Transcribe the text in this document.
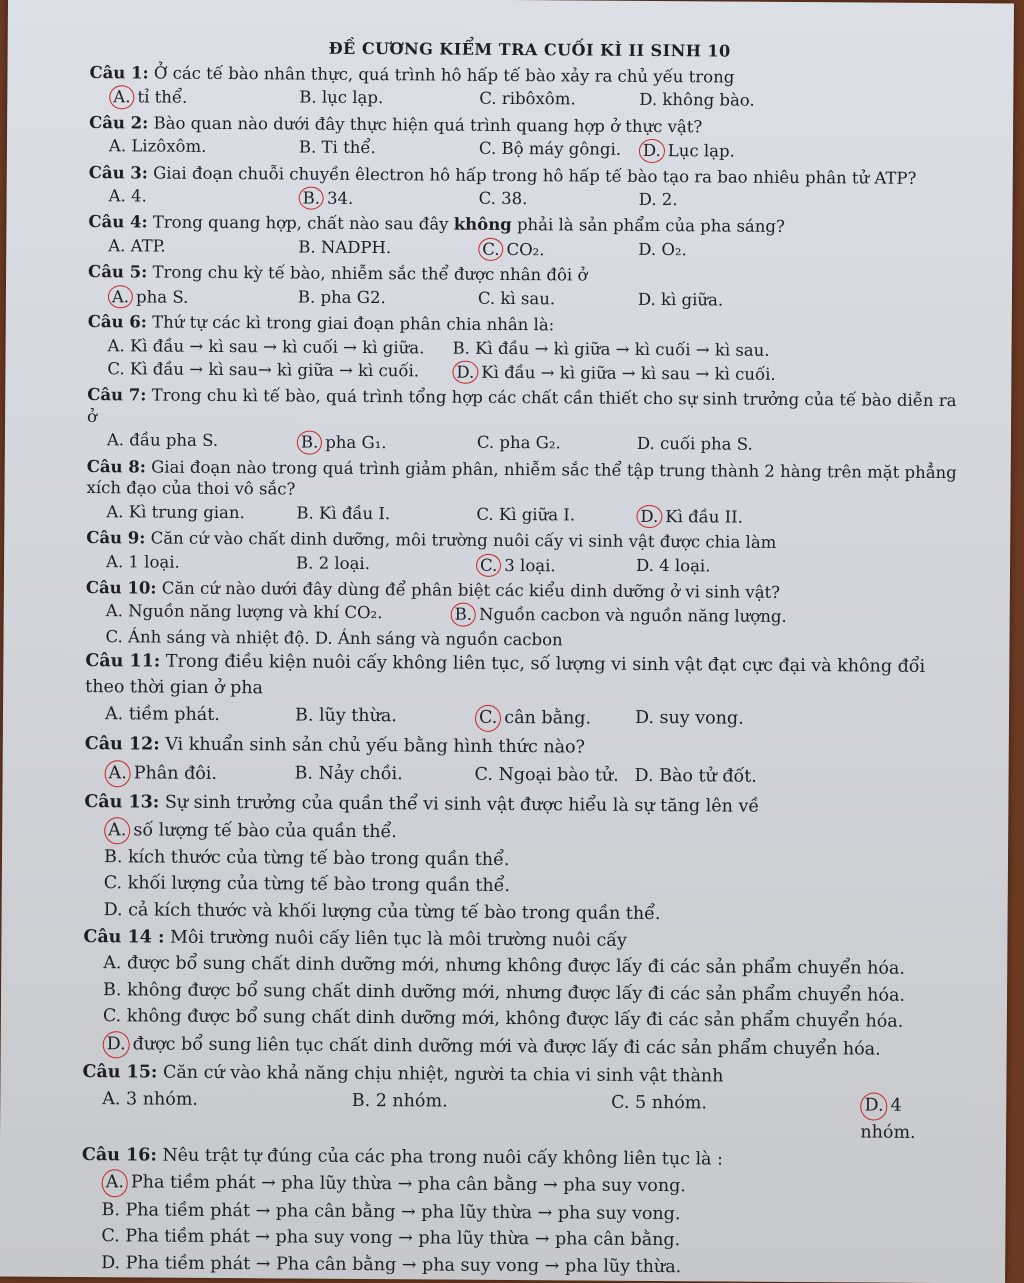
ĐỀ CƯƠNG KIỂM TRA CUỐI KÌ II SINH 10
Câu 1: Ở các tế bào nhân thực, quá trình hô hấp tế bào xảy ra chủ yếu trong
A. tỉ thể.	B. lục lạp.	C. ribôxôm.	D. không bào.
Câu 2: Bào quan nào dưới đây thực hiện quá trình quang hợp ở thực vật?
A. Lizôxôm.	B. Ti thể.	C. Bộ máy gôngi.	D. Lục lạp.
Câu 3: Giai đoạn chuỗi chuyền êlectron hô hấp trong hô hấp tế bào tạo ra bao nhiêu phân tử ATP?
A. 4.	B. 34.	C. 38.	D. 2.
Câu 4: Trong quang hợp, chất nào sau đây không phải là sản phẩm của pha sáng?
A. ATP.	B. NADPH.	C. CO₂.	D. O₂.
Câu 5: Trong chu kỳ tế bào, nhiễm sắc thể được nhân đôi ở
A. pha S.	B. pha G2.	C. kì sau.	D. kì giữa.
Câu 6: Thứ tự các kì trong giai đoạn phân chia nhân là:
A. Kì đầu → kì sau → kì cuối → kì giữa.	B. Kì đầu → kì giữa → kì cuối → kì sau.
C. Kì đầu → kì sau→ kì giữa → kì cuối.	D. Kì đầu → kì giữa → kì sau → kì cuối.
Câu 7: Trong chu kì tế bào, quá trình tổng hợp các chất cần thiết cho sự sinh trưởng của tế bào diễn ra ở
A. đầu pha S.	B. pha G₁.	C. pha G₂.	D. cuối pha S.
Câu 8: Giai đoạn nào trong quá trình giảm phân, nhiễm sắc thể tập trung thành 2 hàng trên mặt phẳng xích đạo của thoi vô sắc?
A. Kì trung gian.	B. Kì đầu I.	C. Kì giữa I.	D. Kì đầu II.
Câu 9: Căn cứ vào chất dinh dưỡng, môi trường nuôi cấy vi sinh vật được chia làm
A. 1 loại.	B. 2 loại.	C. 3 loại.	D. 4 loại.
Câu 10: Căn cứ nào dưới đây dùng để phân biệt các kiểu dinh dưỡng ở vi sinh vật?
A. Nguồn năng lượng và khí CO₂.	B. Nguồn cacbon và nguồn năng lượng.
C. Ánh sáng và nhiệt độ. D. Ánh sáng và nguồn cacbon
Câu 11: Trong điều kiện nuôi cấy không liên tục, số lượng vi sinh vật đạt cực đại và không đổi theo thời gian ở pha
A. tiềm phát.	B. lũy thừa.	C. cân bằng.	D. suy vong.
Câu 12: Vi khuẩn sinh sản chủ yếu bằng hình thức nào?
A. Phân đôi.	B. Nảy chồi.	C. Ngoại bào tử. D. Bào tử đốt.
Câu 13: Sự sinh trưởng của quần thể vi sinh vật được hiểu là sự tăng lên về
A. số lượng tế bào của quần thể.
B. kích thước của từng tế bào trong quần thể.
C. khối lượng của từng tế bào trong quần thể.
D. cả kích thước và khối lượng của từng tế bào trong quần thể.
Câu 14 : Môi trường nuôi cấy liên tục là môi trường nuôi cấy
A. được bổ sung chất dinh dưỡng mới, nhưng không được lấy đi các sản phẩm chuyển hóa.
B. không được bổ sung chất dinh dưỡng mới, nhưng được lấy đi các sản phẩm chuyển hóa.
C. không được bổ sung chất dinh dưỡng mới, không được lấy đi các sản phẩm chuyển hóa.
D. được bổ sung liên tục chất dinh dưỡng mới và được lấy đi các sản phẩm chuyển hóa.
Câu 15: Căn cứ vào khả năng chịu nhiệt, người ta chia vi sinh vật thành
A. 3 nhóm.	B. 2 nhóm.	C. 5 nhóm.	D. 4 nhóm.
Câu 16: Nêu trật tự đúng của các pha trong nuôi cấy không liên tục là :
A. Pha tiềm phát → pha lũy thừa → pha cân bằng → pha suy vong.
B. Pha tiềm phát → pha cân bằng → pha lũy thừa → pha suy vong.
C. Pha tiềm phát → pha suy vong → pha lũy thừa → pha cân bằng.
D. Pha tiềm phát → Pha cân bằng → pha suy vong → pha lũy thừa.
